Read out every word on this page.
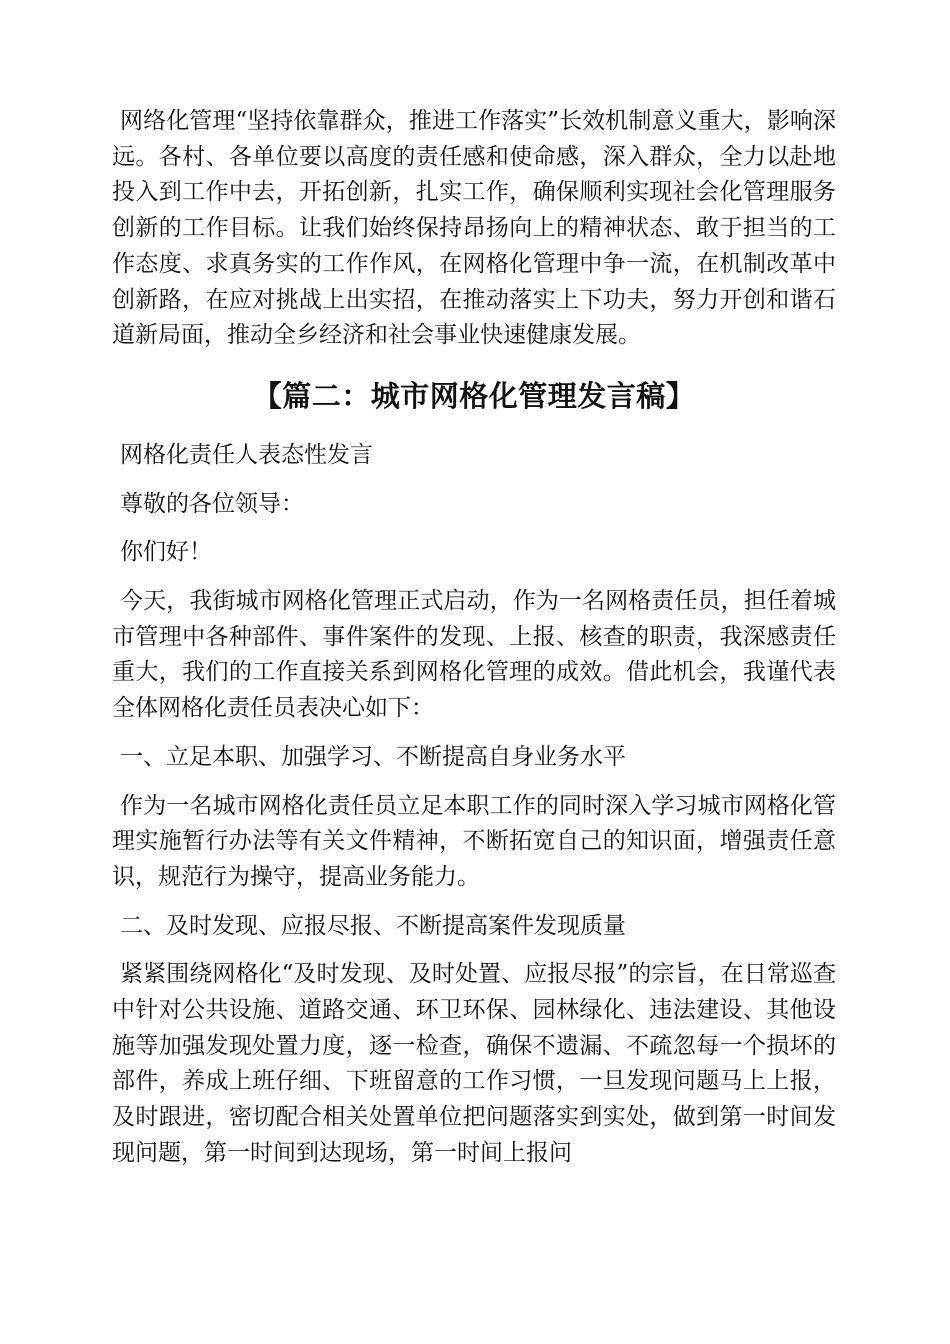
网络化管理“坚持依靠群众，推进工作落实”长效机制意义重大，影响深远。各村、各单位要以高度的责任感和使命感，深入群众，全力以赴地投入到工作中去，开拓创新，扎实工作，确保顺利实现社会化管理服务创新的工作目标。让我们始终保持昂扬向上的精神状态、敢于担当的工作态度、求真务实的工作作风，在网格化管理中争一流，在机制改革中创新路，在应对挑战上出实招，在推动落实上下功夫，努力开创和谐石道新局面，推动全乡经济和社会事业快速健康发展。

【篇二：城市网格化管理发言稿】

网格化责任人表态性发言

尊敬的各位领导：

你们好！

今天，我街城市网格化管理正式启动，作为一名网格责任员，担任着城市管理中各种部件、事件案件的发现、上报、核查的职责，我深感责任重大，我们的工作直接关系到网格化管理的成效。借此机会，我谨代表全体网格化责任员表决心如下：

一、立足本职、加强学习、不断提高自身业务水平

作为一名城市网格化责任员立足本职工作的同时深入学习城市网格化管理实施暂行办法等有关文件精神，不断拓宽自己的知识面，增强责任意识，规范行为操守，提高业务能力。

二、及时发现、应报尽报、不断提高案件发现质量

紧紧围绕网格化“及时发现、及时处置、应报尽报”的宗旨，在日常巡查中针对公共设施、道路交通、环卫环保、园林绿化、违法建设、其他设施等加强发现处置力度，逐一检查，确保不遗漏、不疏忽每一个损坏的部件，养成上班仔细、下班留意的工作习惯，一旦发现问题马上上报，及时跟进，密切配合相关处置单位把问题落实到实处，做到第一时间发现问题，第一时间到达现场，第一时间上报问
